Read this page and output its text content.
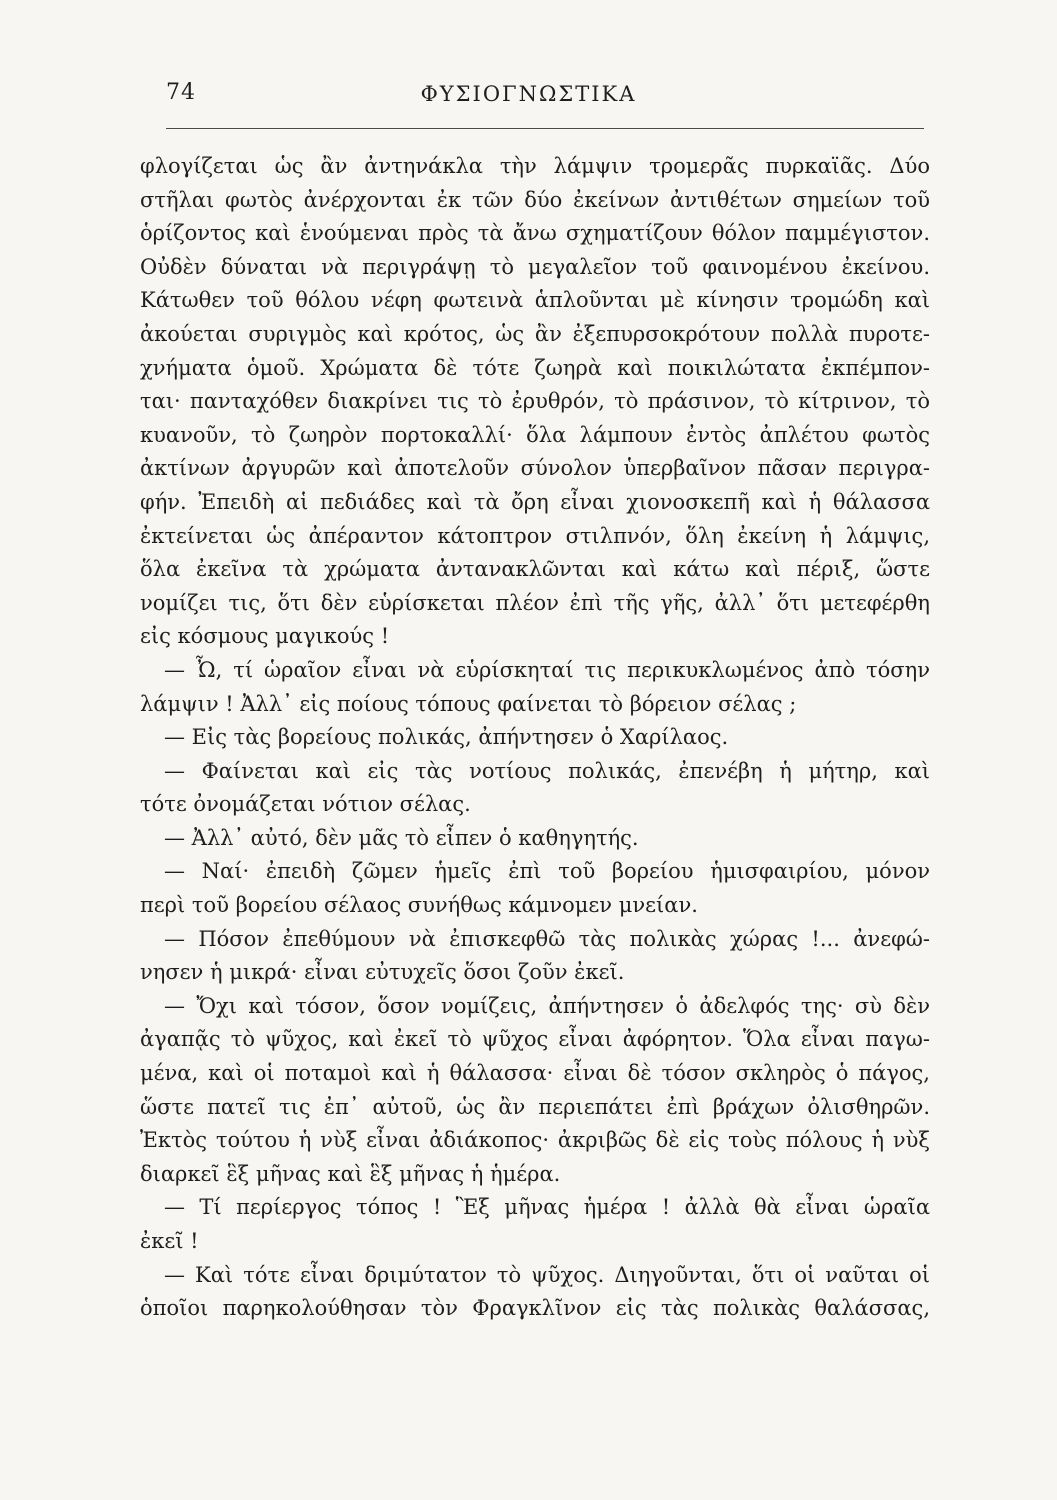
74	ΦΥΣΙΟΓΝΩΣΤΙΚΑ
φλογίζεται ὡς ἂν ἀντηνάκλα τὴν λάμψιν τρομερᾶς πυρκαϊᾶς. Δύο
στῆλαι φωτὸς ἀνέρχονται ἐκ τῶν δύο ἐκείνων ἀντιθέτων σημείων τοῦ
ὁρίζοντος καὶ ἑνούμεναι πρὸς τὰ ἄνω σχηματίζουν θόλον παμμέγιστον.
Οὐδὲν δύναται νὰ περιγράψῃ τὸ μεγαλεῖον τοῦ φαινομένου ἐκείνου.
Κάτωθεν τοῦ θόλου νέφη φωτεινὰ ἁπλοῦνται μὲ κίνησιν τρομώδη καὶ
ἀκούεται συριγμὸς καὶ κρότος, ὡς ἂν ἐξεπυρσοκρότουν πολλὰ πυροτε-
χνήματα ὁμοῦ. Χρώματα δὲ τότε ζωηρὰ καὶ ποικιλώτατα ἐκπέμπον-
ται· πανταχόθεν διακρίνει τις τὸ ἐρυθρόν, τὸ πράσινον, τὸ κίτρινον, τὸ
κυανοῦν, τὸ ζωηρὸν πορτοκαλλί· ὅλα λάμπουν ἐντὸς ἀπλέτου φωτὸς
ἀκτίνων ἀργυρῶν καὶ ἀποτελοῦν σύνολον ὑπερβαῖνον πᾶσαν περιγρα-
φήν. Ἐπειδὴ αἱ πεδιάδες καὶ τὰ ὄρη εἶναι χιονοσκεπῆ καὶ ἡ θάλασσα
ἐκτείνεται ὡς ἀπέραντον κάτοπτρον στιλπνόν, ὅλη ἐκείνη ἡ λάμψις,
ὅλα ἐκεῖνα τὰ χρώματα ἀντανακλῶνται καὶ κάτω καὶ πέριξ, ὥστε
νομίζει τις, ὅτι δὲν εὑρίσκεται πλέον ἐπὶ τῆς γῆς, ἀλλ᾽ ὅτι μετεφέρθη
εἰς κόσμους μαγικούς !
— Ὦ, τί ὡραῖον εἶναι νὰ εὑρίσκηταί τις περικυκλωμένος ἀπὸ τόσην
λάμψιν ! Ἀλλ᾽ εἰς ποίους τόπους φαίνεται τὸ βόρειον σέλας ;
— Εἰς τὰς βορείους πολικάς, ἀπήντησεν ὁ Χαρίλαος.
— Φαίνεται καὶ εἰς τὰς νοτίους πολικάς, ἐπενέβη ἡ μήτηρ, καὶ
τότε ὀνομάζεται νότιον σέλας.
— Ἀλλ᾽ αὐτό, δὲν μᾶς τὸ εἶπεν ὁ καθηγητής.
— Ναί· ἐπειδὴ ζῶμεν ἡμεῖς ἐπὶ τοῦ βορείου ἡμισφαιρίου, μόνον
περὶ τοῦ βορείου σέλαος συνήθως κάμνομεν μνείαν.
— Πόσον ἐπεθύμουν νὰ ἐπισκεφθῶ τὰς πολικὰς χώρας !... ἀνεφώ-
νησεν ἡ μικρά· εἶναι εὐτυχεῖς ὅσοι ζοῦν ἐκεῖ.
— Ὄχι καὶ τόσον, ὅσον νομίζεις, ἀπήντησεν ὁ ἀδελφός της· σὺ δὲν
ἀγαπᾷς τὸ ψῦχος, καὶ ἐκεῖ τὸ ψῦχος εἶναι ἀφόρητον. Ὅλα εἶναι παγω-
μένα, καὶ οἱ ποταμοὶ καὶ ἡ θάλασσα· εἶναι δὲ τόσον σκληρὸς ὁ πάγος,
ὥστε πατεῖ τις ἐπ᾽ αὐτοῦ, ὡς ἂν περιεπάτει ἐπὶ βράχων ὀλισθηρῶν.
Ἐκτὸς τούτου ἡ νὺξ εἶναι ἀδιάκοπος· ἀκριβῶς δὲ εἰς τοὺς πόλους ἡ νὺξ
διαρκεῖ ἓξ μῆνας καὶ ἓξ μῆνας ἡ ἡμέρα.
— Τί περίεργος τόπος ! Ἓξ μῆνας ἡμέρα ! ἀλλὰ θὰ εἶναι ὡραῖα
ἐκεῖ !
— Καὶ τότε εἶναι δριμύτατον τὸ ψῦχος. Διηγοῦνται, ὅτι οἱ ναῦται οἱ
ὁποῖοι παρηκολούθησαν τὸν Φραγκλῖνον εἰς τὰς πολικὰς θαλάσσας,
